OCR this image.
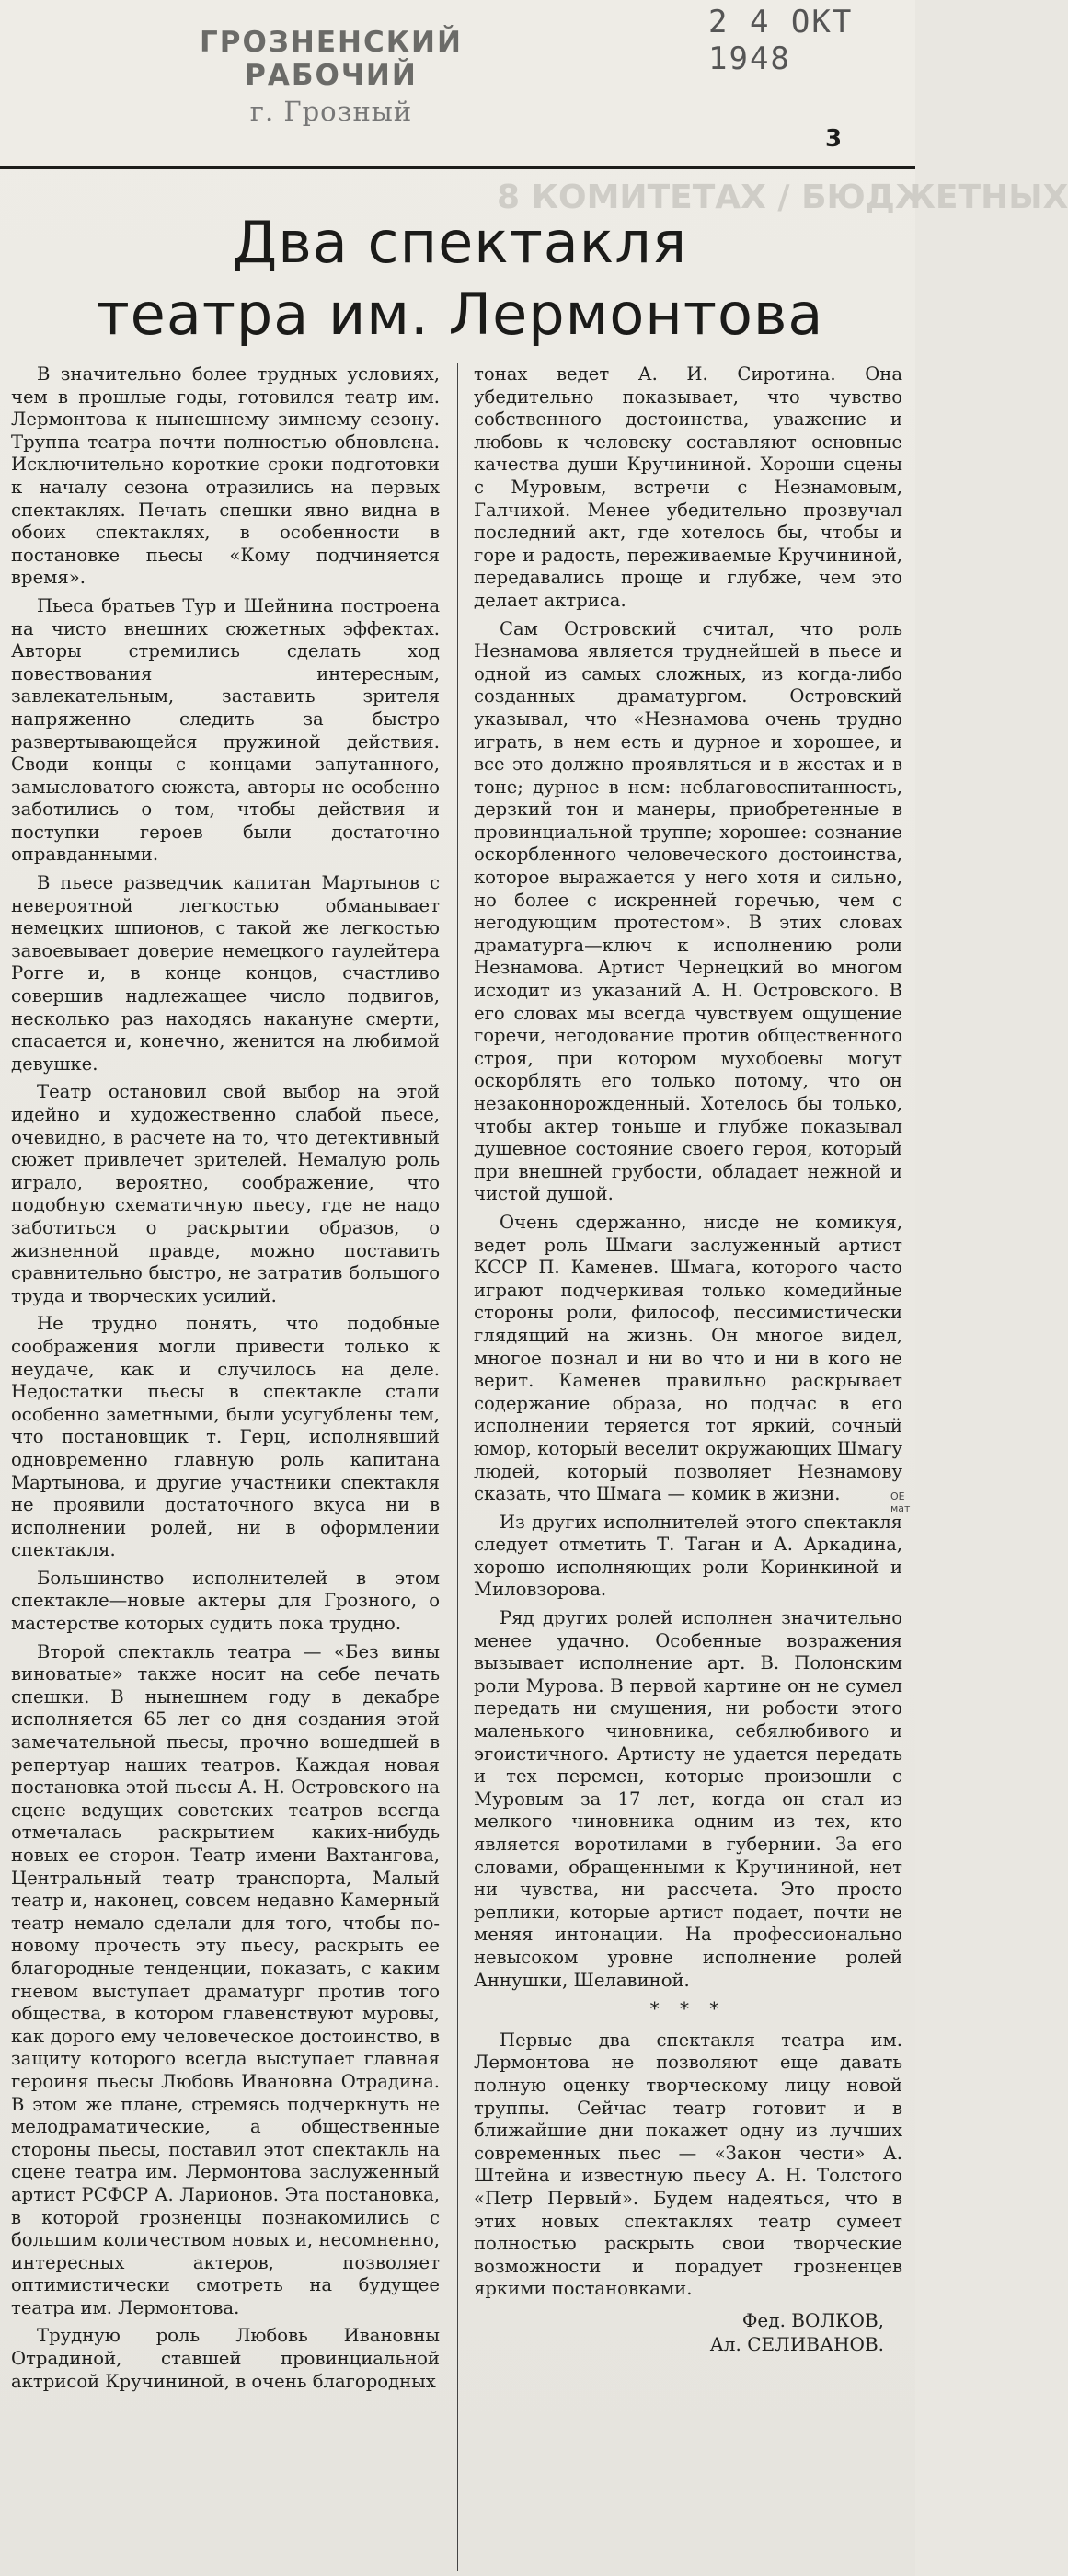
ГРОЗНЕНСКИЙ РАБОЧИЙ
г. Грозный
2 4 ОКТ 1948
3
8 КОМИТЕТАХ / БЮДЖЕТНЫХ
Два спектакля
театра им. Лермонтова

В значительно более трудных условиях, чем в прошлые годы, готовился театр им. Лермонтова к нынешнему зимнему сезону. Труппа театра почти полностью обновлена. Исключительно короткие сроки подготовки к началу сезона отразились на первых спектаклях. Печать спешки явно видна в обоих спектаклях, в особенности в постановке пьесы «Кому подчиняется время».

Пьеса братьев Тур и Шейнина построена на чисто внешних сюжетных эффектах. Авторы стремились сделать ход повествования интересным, завлекательным, заставить зрителя напряженно следить за быстро развертывающейся пружиной действия. Своди концы с концами запутанного, замысловатого сюжета, авторы не особенно заботились о том, чтобы действия и поступки героев были достаточно оправданными.

В пьесе разведчик капитан Мартынов с невероятной легкостью обманывает немецких шпионов, с такой же легкостью завоевывает доверие немецкого гаулейтера Рогге и, в конце концов, счастливо совершив надлежащее число подвигов, несколько раз находясь накануне смерти, спасается и, конечно, женится на любимой девушке.

Театр остановил свой выбор на этой идейно и художественно слабой пьесе, очевидно, в расчете на то, что детективный сюжет привлечет зрителей. Немалую роль играло, вероятно, соображение, что подобную схематичную пьесу, где не надо заботиться о раскрытии образов, о жизненной правде, можно поставить сравнительно быстро, не затратив большого труда и творческих усилий.

Не трудно понять, что подобные соображения могли привести только к неудаче, как и случилось на деле. Недостатки пьесы в спектакле стали особенно заметными, были усугублены тем, что постановщик т. Герц, исполнявший одновременно главную роль капитана Мартынова, и другие участники спектакля не проявили достаточного вкуса ни в исполнении ролей, ни в оформлении спектакля.

Большинство исполнителей в этом спектакле—новые актеры для Грозного, о мастерстве которых судить пока трудно.

Второй спектакль театра — «Без вины виноватые» также носит на себе печать спешки. В нынешнем году в декабре исполняется 65 лет со дня создания этой замечательной пьесы, прочно вошедшей в репертуар наших театров. Каждая новая постановка этой пьесы А. Н. Островского на сцене ведущих советских театров всегда отмечалась раскрытием каких-нибудь новых ее сторон. Театр имени Вахтангова, Центральный театр транспорта, Малый театр и, наконец, совсем недавно Камерный театр немало сделали для того, чтобы по-новому прочесть эту пьесу, раскрыть ее благородные тенденции, показать, с каким гневом выступает драматург против того общества, в котором главенствуют муровы, как дорого ему человеческое достоинство, в защиту которого всегда выступает главная героиня пьесы Любовь Ивановна Отрадина. В этом же плане, стремясь подчеркнуть не мелодраматические, а общественные стороны пьесы, поставил этот спектакль на сцене театра им. Лермонтова заслуженный артист РСФСР А. Ларионов. Эта постановка, в которой грозненцы познакомились с большим количеством новых и, несомненно, интересных актеров, позволяет оптимистически смотреть на будущее театра им. Лермонтова.

Трудную роль Любовь Ивановны Отрадиной, ставшей провинциальной актрисой Кручининой, в очень благородных

тонах ведет А. И. Сиротина. Она убедительно показывает, что чувство собственного достоинства, уважение и любовь к человеку составляют основные качества души Кручининой. Хороши сцены с Муровым, встречи с Незнамовым, Галчихой. Менее убедительно прозвучал последний акт, где хотелось бы, чтобы и горе и радость, переживаемые Кручининой, передавались проще и глубже, чем это делает актриса.

Сам Островский считал, что роль Незнамова является труднейшей в пьесе и одной из самых сложных, из когда-либо созданных драматургом. Островский указывал, что «Незнамова очень трудно играть, в нем есть и дурное и хорошее, и все это должно проявляться и в жестах и в тоне; дурное в нем: неблаговоспитанность, дерзкий тон и манеры, приобретенные в провинциальной труппе; хорошее: сознание оскорбленного человеческого достоинства, которое выражается у него хотя и сильно, но более с искренней горечью, чем с негодующим протестом». В этих словах драматурга—ключ к исполнению роли Незнамова. Артист Чернецкий во многом исходит из указаний А. Н. Островского. В его словах мы всегда чувствуем ощущение горечи, негодование против общественного строя, при котором мухобоевы могут оскорблять его только потому, что он незаконнорожденный. Хотелось бы только, чтобы актер тоньше и глубже показывал душевное состояние своего героя, который при внешней грубости, обладает нежной и чистой душой.

Очень сдержанно, нисде не комикуя, ведет роль Шмаги заслуженный артист КССР П. Каменев. Шмага, которого часто играют подчеркивая только комедийные стороны роли, философ, пессимистически глядящий на жизнь. Он многое видел, многое познал и ни во что и ни в кого не верит. Каменев правильно раскрывает содержание образа, но подчас в его исполнении теряется тот яркий, сочный юмор, который веселит окружающих Шмагу людей, который позволяет Незнамову сказать, что Шмага — комик в жизни.

Из других исполнителей этого спектакля следует отметить Т. Таган и А. Аркадина, хорошо исполняющих роли Коринкиной и Миловзорова.

Ряд других ролей исполнен значительно менее удачно. Особенные возражения вызывает исполнение арт. В. Полонским роли Мурова. В первой картине он не сумел передать ни смущения, ни робости этого маленького чиновника, себялюбивого и эгоистичного. Артисту не удается передать и тех перемен, которые произошли с Муровым за 17 лет, когда он стал из мелкого чиновника одним из тех, кто является воротилами в губернии. За его словами, обращенными к Кручининой, нет ни чувства, ни рассчета. Это просто реплики, которые артист подает, почти не меняя интонации. На профессионально невысоком уровне исполнение ролей Аннушки, Шелавиной.

* * *

Первые два спектакля театра им. Лермонтова не позволяют еще давать полную оценку творческому лицу новой труппы. Сейчас театр готовит и в ближайшие дни покажет одну из лучших современных пьес — «Закон чести» А. Штейна и известную пьесу А. Н. Толстого «Петр Первый». Будем надеяться, что в этих новых спектаклях театр сумеет полностью раскрыть свои творческие возможности и порадует грозненцев яркими постановками.

Фед. ВОЛКОВ,
Ал. СЕЛИВАНОВ.
ОЕ мат
